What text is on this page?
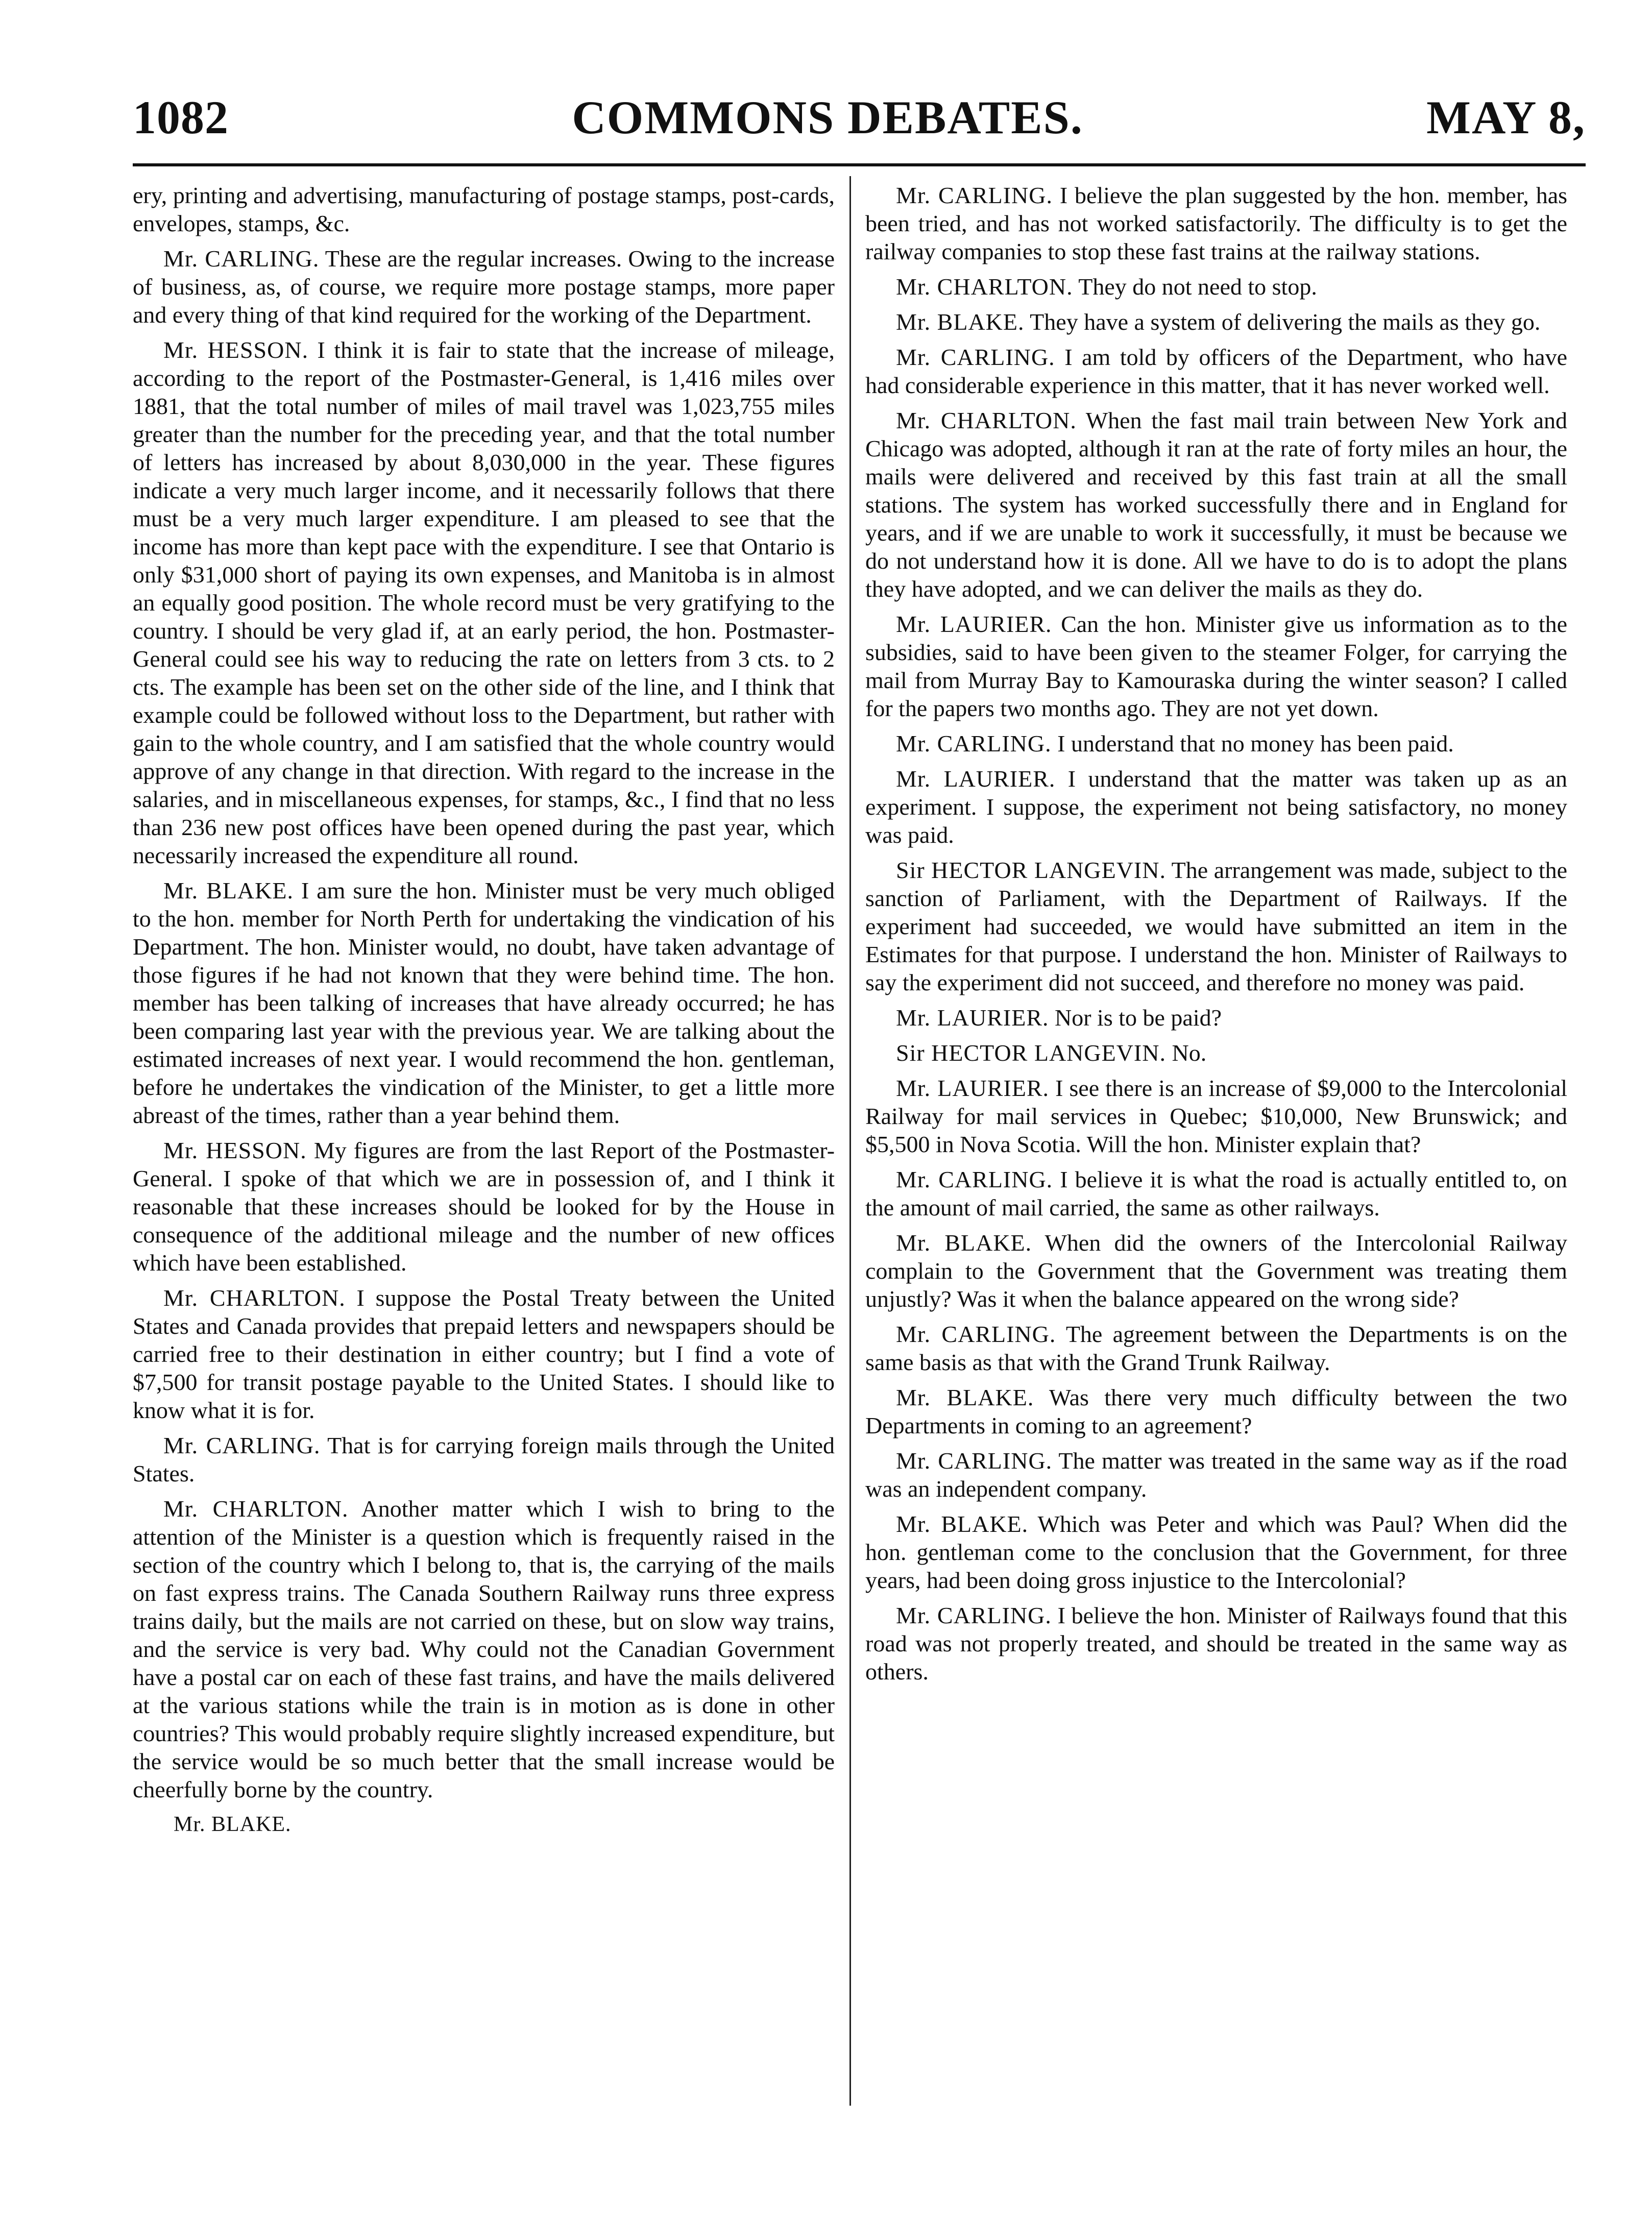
1082	COMMONS DEBATES.	MAY 8,

ery, printing and advertising, manufacturing of postage stamps, post-cards, envelopes, stamps, &c.

Mr. CARLING. These are the regular increases. Owing to the increase of business, as, of course, we require more postage stamps, more paper and every thing of that kind required for the working of the Department.

Mr. HESSON. I think it is fair to state that the increase of mileage, according to the report of the Postmaster-General, is 1,416 miles over 1881, that the total number of miles of mail travel was 1,023,755 miles greater than the number for the preceding year, and that the total number of letters has increased by about 8,030,000 in the year. These figures indicate a very much larger income, and it necessarily follows that there must be a very much larger expenditure. I am pleased to see that the income has more than kept pace with the expenditure. I see that Ontario is only $31,000 short of paying its own expenses, and Manitoba is in almost an equally good position. The whole record must be very gratifying to the country. I should be very glad if, at an early period, the hon. Postmaster-General could see his way to reducing the rate on letters from 3 cts. to 2 cts. The example has been set on the other side of the line, and I think that example could be followed without loss to the Department, but rather with gain to the whole country, and I am satisfied that the whole country would approve of any change in that direction. With regard to the increase in the salaries, and in miscellaneous expenses, for stamps, &c., I find that no less than 236 new post offices have been opened during the past year, which necessarily increased the expenditure all round.

Mr. BLAKE. I am sure the hon. Minister must be very much obliged to the hon. member for North Perth for undertaking the vindication of his Department. The hon. Minister would, no doubt, have taken advantage of those figures if he had not known that they were behind time. The hon. member has been talking of increases that have already occurred; he has been comparing last year with the previous year. We are talking about the estimated increases of next year. I would recommend the hon. gentleman, before he undertakes the vindication of the Minister, to get a little more abreast of the times, rather than a year behind them.

Mr. HESSON. My figures are from the last Report of the Postmaster-General. I spoke of that which we are in possession of, and I think it reasonable that these increases should be looked for by the House in consequence of the additional mileage and the number of new offices which have been established.

Mr. CHARLTON. I suppose the Postal Treaty between the United States and Canada provides that prepaid letters and newspapers should be carried free to their destination in either country; but I find a vote of $7,500 for transit postage payable to the United States. I should like to know what it is for.

Mr. CARLING. That is for carrying foreign mails through the United States.

Mr. CHARLTON. Another matter which I wish to bring to the attention of the Minister is a question which is frequently raised in the section of the country which I belong to, that is, the carrying of the mails on fast express trains. The Canada Southern Railway runs three express trains daily, but the mails are not carried on these, but on slow way trains, and the service is very bad. Why could not the Canadian Government have a postal car on each of these fast trains, and have the mails delivered at the various stations while the train is in motion as is done in other countries? This would probably require slightly increased expenditure, but the service would be so much better that the small increase would be cheerfully borne by the country.

Mr. BLAKE.

Mr. CARLING. I believe the plan suggested by the hon. member, has been tried, and has not worked satisfactorily. The difficulty is to get the railway companies to stop these fast trains at the railway stations.

Mr. CHARLTON. They do not need to stop.

Mr. BLAKE. They have a system of delivering the mails as they go.

Mr. CARLING. I am told by officers of the Department, who have had considerable experience in this matter, that it has never worked well.

Mr. CHARLTON. When the fast mail train between New York and Chicago was adopted, although it ran at the rate of forty miles an hour, the mails were delivered and received by this fast train at all the small stations. The system has worked successfully there and in England for years, and if we are unable to work it successfully, it must be because we do not understand how it is done. All we have to do is to adopt the plans they have adopted, and we can deliver the mails as they do.

Mr. LAURIER. Can the hon. Minister give us information as to the subsidies, said to have been given to the steamer Folger, for carrying the mail from Murray Bay to Kamouraska during the winter season? I called for the papers two months ago. They are not yet down.

Mr. CARLING. I understand that no money has been paid.

Mr. LAURIER. I understand that the matter was taken up as an experiment. I suppose, the experiment not being satisfactory, no money was paid.

Sir HECTOR LANGEVIN. The arrangement was made, subject to the sanction of Parliament, with the Department of Railways. If the experiment had succeeded, we would have submitted an item in the Estimates for that purpose. I understand the hon. Minister of Railways to say the experiment did not succeed, and therefore no money was paid.

Mr. LAURIER. Nor is to be paid?

Sir HECTOR LANGEVIN. No.

Mr. LAURIER. I see there is an increase of $9,000 to the Intercolonial Railway for mail services in Quebec; $10,000, New Brunswick; and $5,500 in Nova Scotia. Will the hon. Minister explain that?

Mr. CARLING. I believe it is what the road is actually entitled to, on the amount of mail carried, the same as other railways.

Mr. BLAKE. When did the owners of the Intercolonial Railway complain to the Government that the Government was treating them unjustly? Was it when the balance appeared on the wrong side?

Mr. CARLING. The agreement between the Departments is on the same basis as that with the Grand Trunk Railway.

Mr. BLAKE. Was there very much difficulty between the two Departments in coming to an agreement?

Mr. CARLING. The matter was treated in the same way as if the road was an independent company.

Mr. BLAKE. Which was Peter and which was Paul? When did the hon. gentleman come to the conclusion that the Government, for three years, had been doing gross injustice to the Intercolonial?

Mr. CARLING. I believe the hon. Minister of Railways found that this road was not properly treated, and should be treated in the same way as others.
